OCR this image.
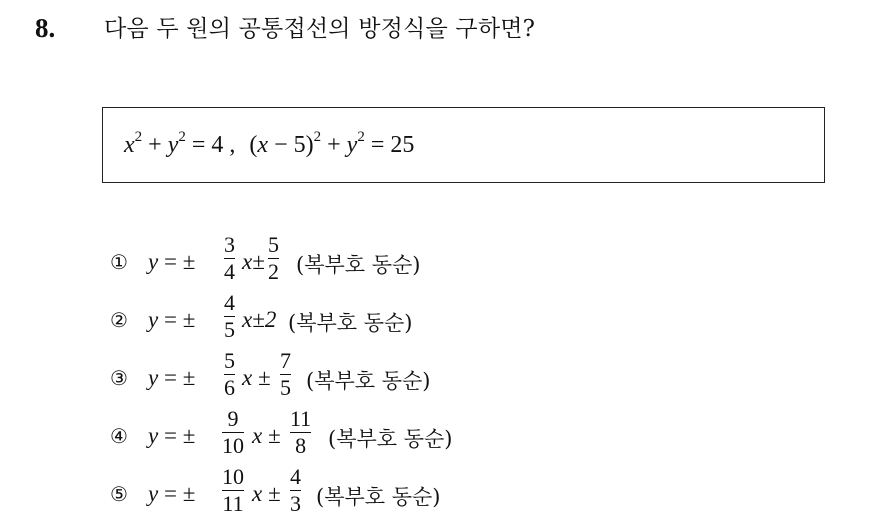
8. 다음 두 원의 공통접선의 방정식을 구하면?
$x^2 + y^2 = 4$ , $(x - 5)^2 + y^2 = 25$
① y = ± $\frac{3}{4} x\pm \frac{5}{2}$ (복부호 동순)
② y = ± $\frac{4}{5} x\pm 2$ (복부호 동순)
③ y = ± $\frac{5}{6}$ $x \pm \frac{7}{5}$ (복부호 동순)
④ y = ± $\frac{9}{10}$ $x \pm \frac{11}{8}$ (복부호 동순)
⑤ y = ± $\frac{10}{11}$ $x \pm \frac{4}{3}$ (복부호 동순)
